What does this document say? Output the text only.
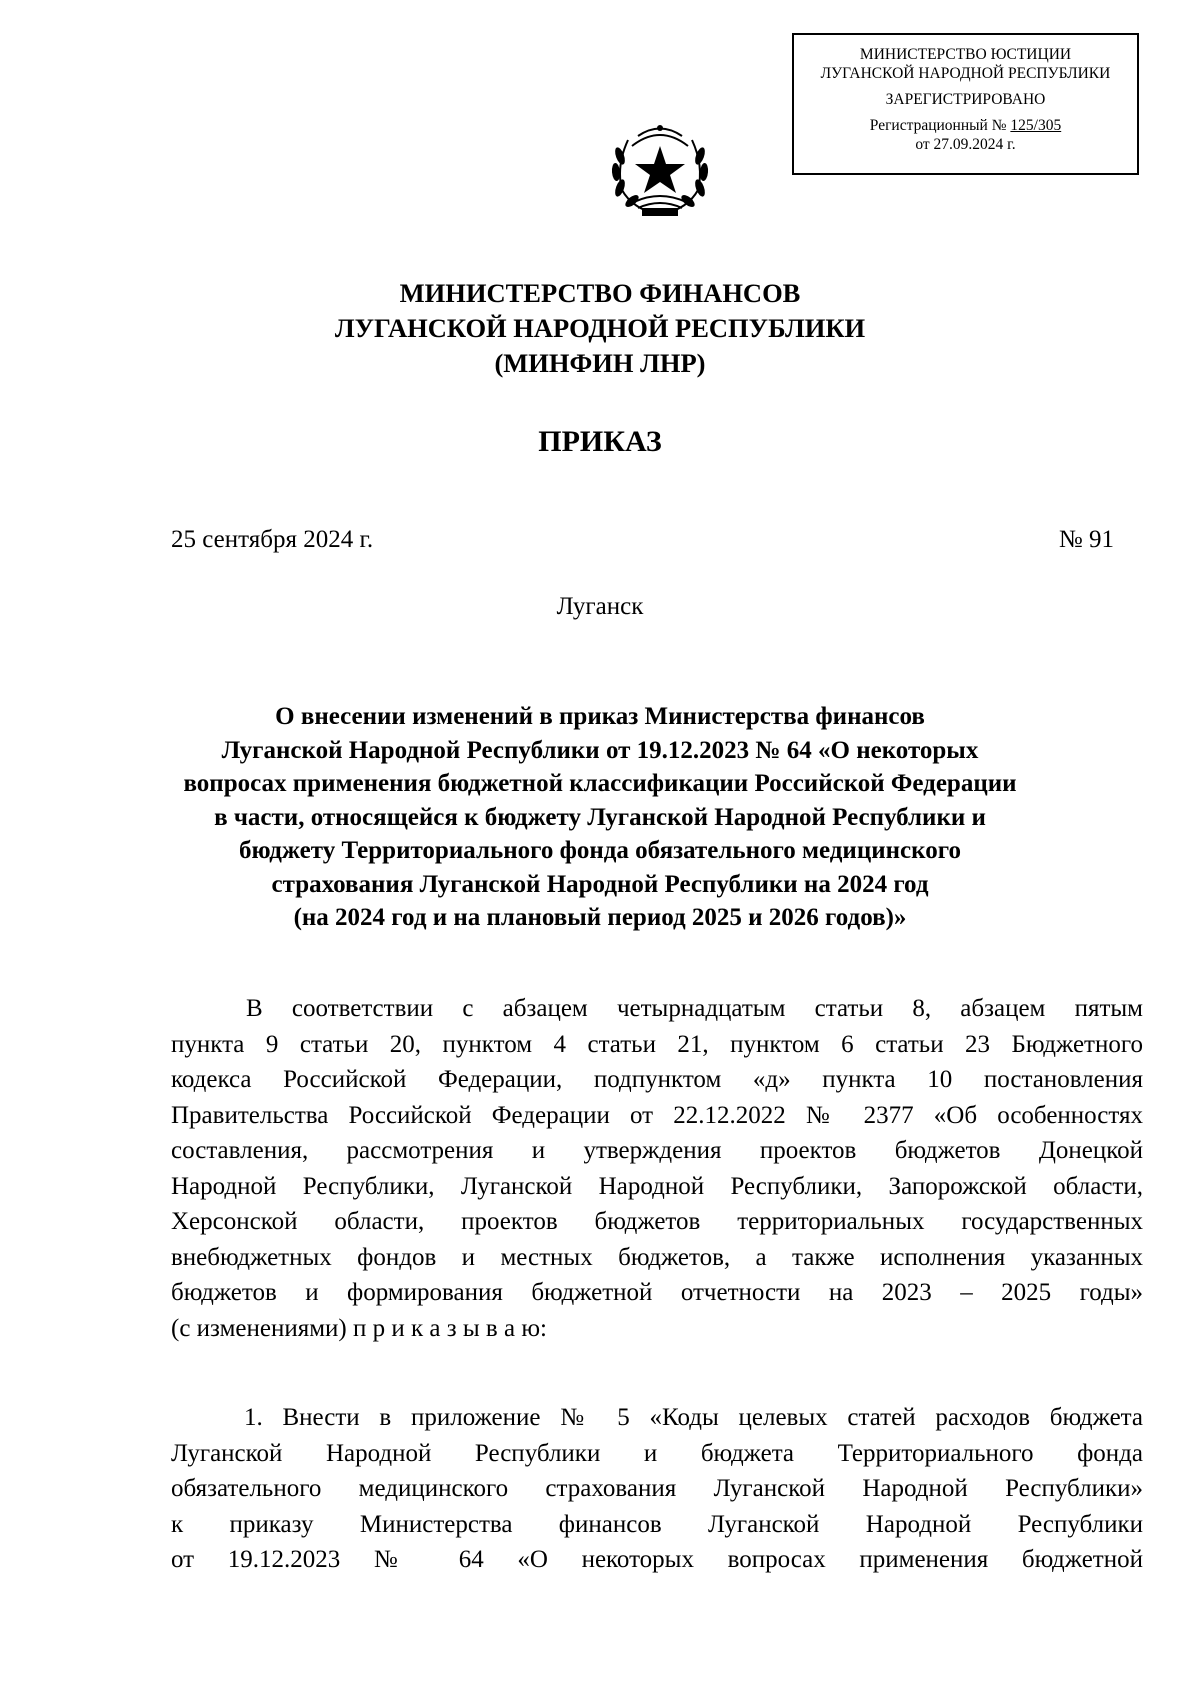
МИНИСТЕРСТВО ЮСТИЦИИ
ЛУГАНСКОЙ НАРОДНОЙ РЕСПУБЛИКИ
ЗАРЕГИСТРИРОВАНО
Регистрационный № 125/305
от 27.09.2024 г.
МИНИСТЕРСТВО ФИНАНСОВ
ЛУГАНСКОЙ НАРОДНОЙ РЕСПУБЛИКИ
(МИНФИН ЛНР)
ПРИКАЗ
25 сентября 2024 г.	№ 91
Луганск
О внесении изменений в приказ Министерства финансов
Луганской Народной Республики от 19.12.2023 № 64 «О некоторых
вопросах применения бюджетной классификации Российской Федерации
в части, относящейся к бюджету Луганской Народной Республики и
бюджету Территориального фонда обязательного медицинского
страхования Луганской Народной Республики на 2024 год
(на 2024 год и на плановый период 2025 и 2026 годов)»
В соответствии с абзацем четырнадцатым статьи 8, абзацем пятым
пункта 9 статьи 20, пунктом 4 статьи 21, пунктом 6 статьи 23 Бюджетного
кодекса Российской Федерации, подпунктом «д» пункта 10 постановления
Правительства Российской Федерации от 22.12.2022 № 2377 «Об особенностях
составления, рассмотрения и утверждения проектов бюджетов Донецкой
Народной Республики, Луганской Народной Республики, Запорожской области,
Херсонской области, проектов бюджетов территориальных государственных
внебюджетных фондов и местных бюджетов, а также исполнения указанных
бюджетов и формирования бюджетной отчетности на 2023 – 2025 годы»
(с изменениями) п р и к а з ы в а ю:
1. Внести в приложение № 5 «Коды целевых статей расходов бюджета
Луганской Народной Республики и бюджета Территориального фонда
обязательного медицинского страхования Луганской Народной Республики»
к приказу Министерства финансов Луганской Народной Республики
от 19.12.2023 № 64 «О некоторых вопросах применения бюджетной
